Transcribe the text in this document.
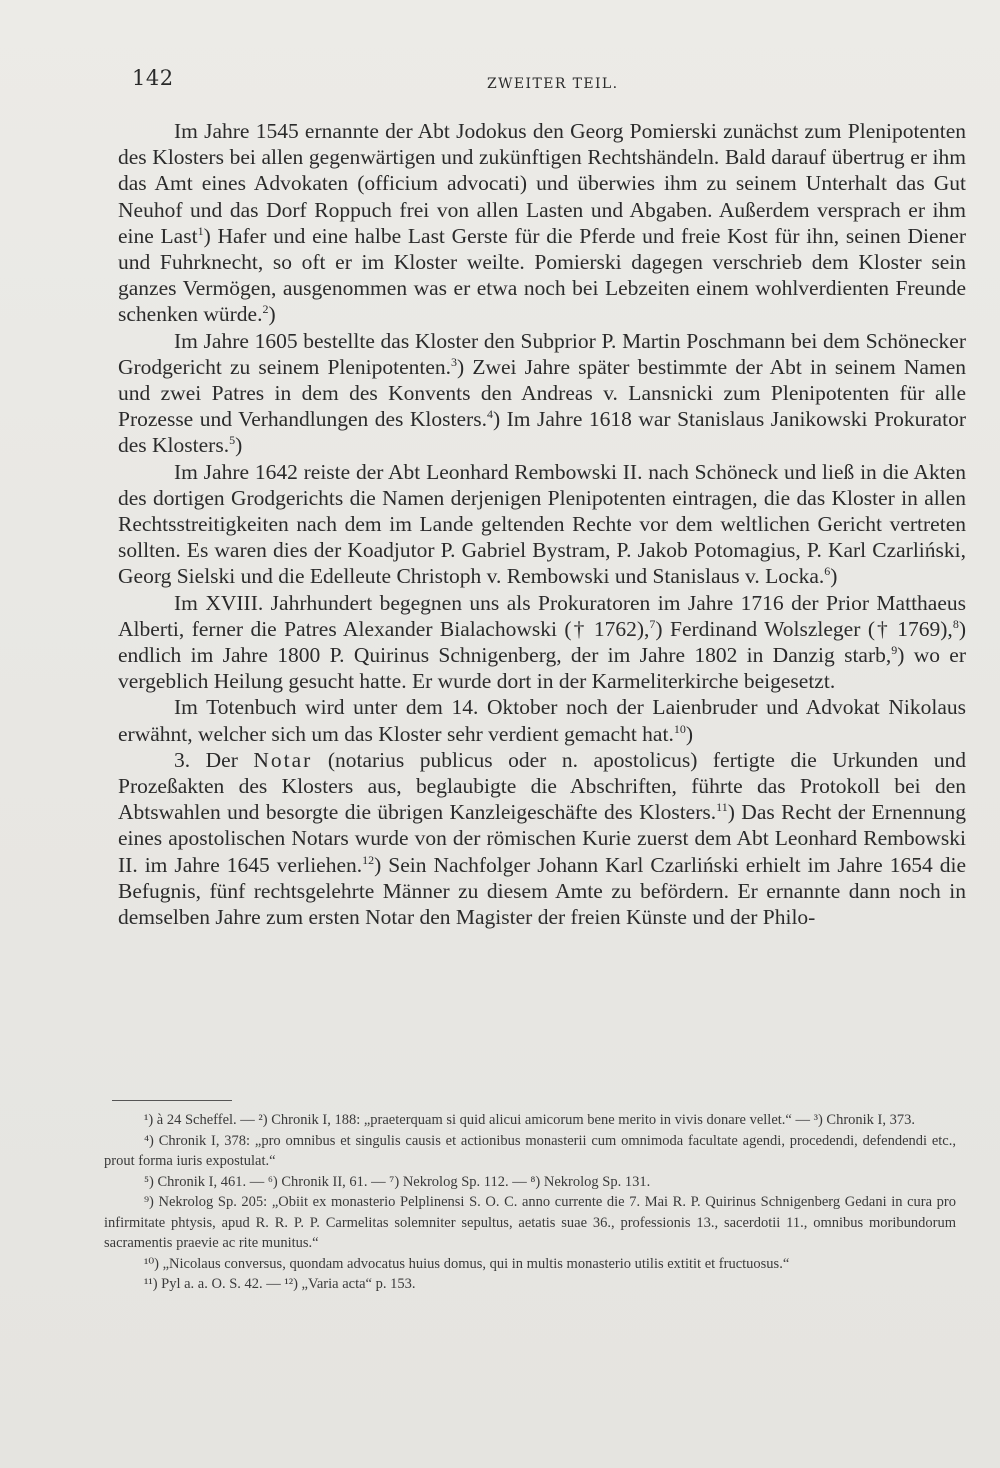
142	ZWEITER TEIL.

Im Jahre 1545 ernannte der Abt Jodokus den Georg Pomierski zunächst zum Plenipotenten des Klosters bei allen gegenwärtigen und zukünftigen Rechtshändeln. Bald darauf übertrug er ihm das Amt eines Advokaten (officium advocati) und überwies ihm zu seinem Unterhalt das Gut Neuhof und das Dorf Roppuch frei von allen Lasten und Abgaben. Außerdem versprach er ihm eine Last$^1$) Hafer und eine halbe Last Gerste für die Pferde und freie Kost für ihn, seinen Diener und Fuhrknecht, so oft er im Kloster weilte. Pomierski dagegen verschrieb dem Kloster sein ganzes Vermögen, ausgenommen was er etwa noch bei Lebzeiten einem wohlverdienten Freunde schenken würde.$^2$)

Im Jahre 1605 bestellte das Kloster den Subprior P. Martin Poschmann bei dem Schönecker Grodgericht zu seinem Plenipotenten.$^3$) Zwei Jahre später bestimmte der Abt in seinem Namen und zwei Patres in dem des Konvents den Andreas v. Lansnicki zum Plenipotenten für alle Prozesse und Verhandlungen des Klosters.$^4$) Im Jahre 1618 war Stanislaus Janikowski Prokurator des Klosters.$^5$)

Im Jahre 1642 reiste der Abt Leonhard Rembowski II. nach Schöneck und ließ in die Akten des dortigen Grodgerichts die Namen derjenigen Plenipotenten eintragen, die das Kloster in allen Rechtsstreitigkeiten nach dem im Lande geltenden Rechte vor dem weltlichen Gericht vertreten sollten. Es waren dies der Koadjutor P. Gabriel Bystram, P. Jakob Potomagius, P. Karl Czarliński, Georg Sielski und die Edelleute Christoph v. Rembowski und Stanislaus v. Locka.$^6$)

Im XVIII. Jahrhundert begegnen uns als Prokuratoren im Jahre 1716 der Prior Matthaeus Alberti, ferner die Patres Alexander Bialachowski († 1762),$^7$) Ferdinand Wolszleger († 1769),$^8$) endlich im Jahre 1800 P. Quirinus Schnigenberg, der im Jahre 1802 in Danzig starb,$^9$) wo er vergeblich Heilung gesucht hatte. Er wurde dort in der Karmeliterkirche beigesetzt.

Im Totenbuch wird unter dem 14. Oktober noch der Laienbruder und Advokat Nikolaus erwähnt, welcher sich um das Kloster sehr verdient gemacht hat.$^{10}$)

3. Der Notar (notarius publicus oder n. apostolicus) fertigte die Urkunden und Prozeßakten des Klosters aus, beglaubigte die Abschriften, führte das Protokoll bei den Abtswahlen und besorgte die übrigen Kanzleigeschäfte des Klosters.$^{11}$) Das Recht der Ernennung eines apostolischen Notars wurde von der römischen Kurie zuerst dem Abt Leonhard Rembowski II. im Jahre 1645 verliehen.$^{12}$) Sein Nachfolger Johann Karl Czarliński erhielt im Jahre 1654 die Befugnis, fünf rechtsgelehrte Männer zu diesem Amte zu befördern. Er ernannte dann noch in demselben Jahre zum ersten Notar den Magister der freien Künste und der Philo-

¹) à 24 Scheffel. — ²) Chronik I, 188: „praeterquam si quid alicui amicorum bene merito in vivis donare vellet.“ — ³) Chronik I, 373.

⁴) Chronik I, 378: „pro omnibus et singulis causis et actionibus monasterii cum omnimoda facultate agendi, procedendi, defendendi etc., prout forma iuris expostulat.“

⁵) Chronik I, 461. — ⁶) Chronik II, 61. — ⁷) Nekrolog Sp. 112. — ⁸) Nekrolog Sp. 131.

⁹) Nekrolog Sp. 205: „Obiit ex monasterio Pelplinensi S. O. C. anno currente die 7. Mai R. P. Quirinus Schnigenberg Gedani in cura pro infirmitate phtysis, apud R. R. P. P. Carmelitas solemniter sepultus, aetatis suae 36., professionis 13., sacerdotii 11., omnibus moribundorum sacramentis praevie ac rite munitus.“

¹⁰) „Nicolaus conversus, quondam advocatus huius domus, qui in multis monasterio utilis extitit et fructuosus.“

¹¹) Pyl a. a. O. S. 42. — ¹²) „Varia acta“ p. 153.
